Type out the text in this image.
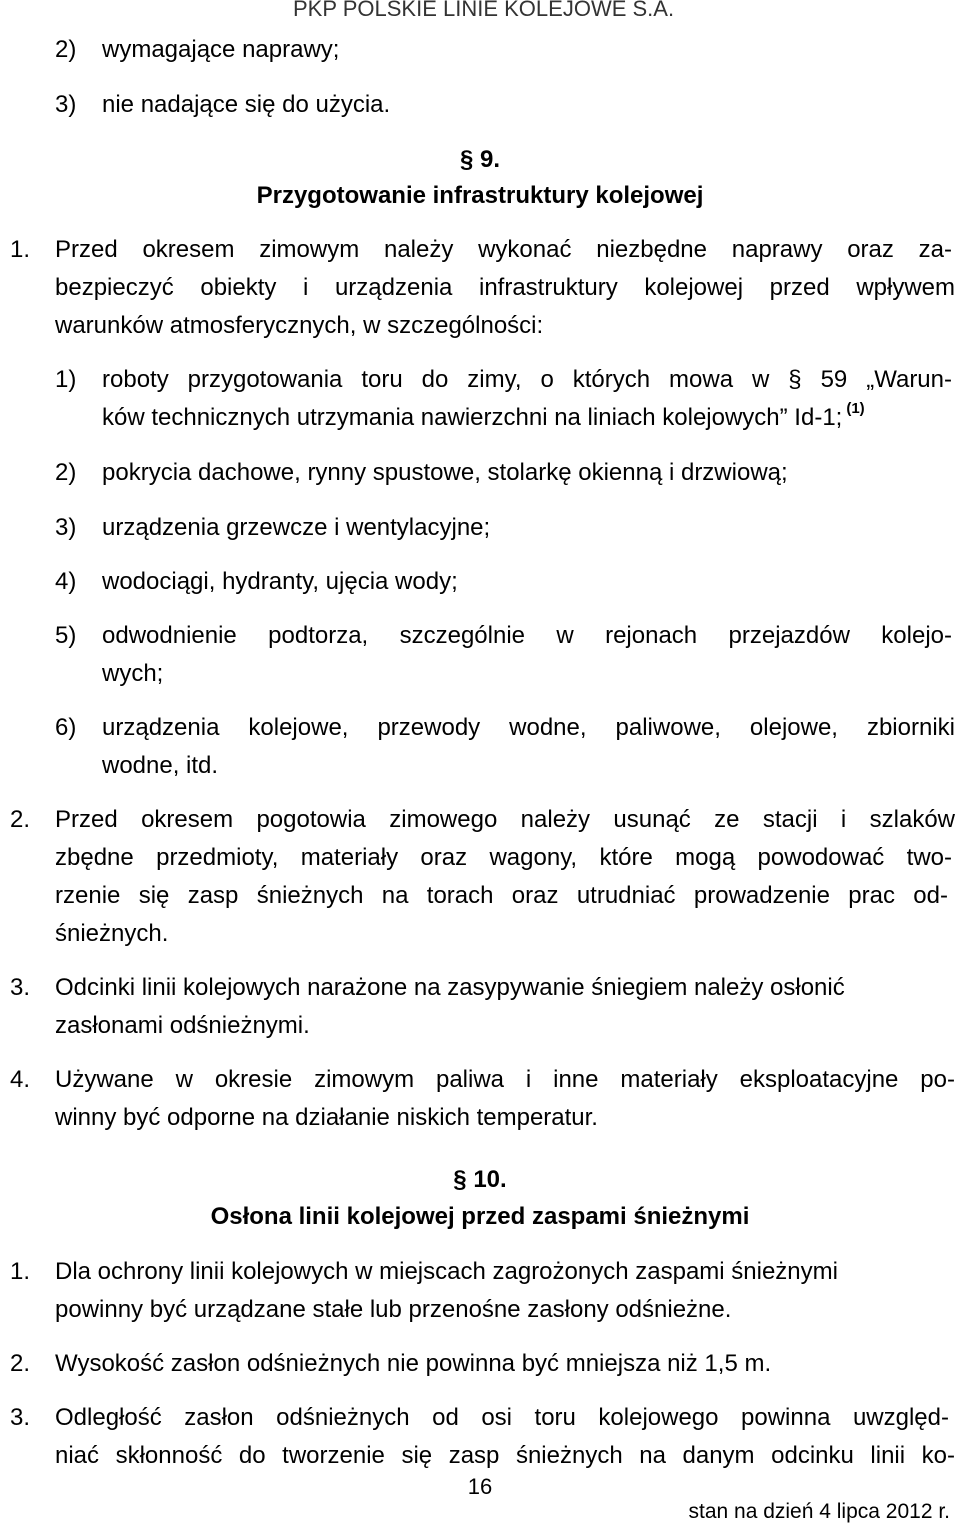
PKP POLSKIE LINIE KOLEJOWE S.A.
2) wymagające naprawy;
3) nie nadające się do użycia.
§ 9.
Przygotowanie infrastruktury kolejowej
1. Przed okresem zimowym należy wykonać niezbędne naprawy oraz za-
bezpieczyć obiekty i urządzenia infrastruktury kolejowej przed wpływem
warunków atmosferycznych, w szczególności:
1) roboty przygotowania toru do zimy, o których mowa w § 59 „Warun-
ków technicznych utrzymania nawierzchni na liniach kolejowych” Id-1; $^{(1)}$
2) pokrycia dachowe, rynny spustowe, stolarkę okienną i drzwiową;
3) urządzenia grzewcze i wentylacyjne;
4) wodociągi, hydranty, ujęcia wody;
5) odwodnienie podtorza, szczególnie w rejonach przejazdów kolejo-
wych;
6) urządzenia kolejowe, przewody wodne, paliwowe, olejowe, zbiorniki
wodne, itd.
2. Przed okresem pogotowia zimowego należy usunąć ze stacji i szlaków
zbędne przedmioty, materiały oraz wagony, które mogą powodować two-
rzenie się zasp śnieżnych na torach oraz utrudniać prowadzenie prac od-
śnieżnych.
3. Odcinki linii kolejowych narażone na zasypywanie śniegiem należy osłonić
zasłonami odśnieżnymi.
4. Używane w okresie zimowym paliwa i inne materiały eksploatacyjne po-
winny być odporne na działanie niskich temperatur.
§ 10.
Osłona linii kolejowej przed zaspami śnieżnymi
1. Dla ochrony linii kolejowych w miejscach zagrożonych zaspami śnieżnymi
powinny być urządzane stałe lub przenośne zasłony odśnieżne.
2. Wysokość zasłon odśnieżnych nie powinna być mniejsza niż 1,5 m.
3. Odległość zasłon odśnieżnych od osi toru kolejowego powinna uwzględ-
niać skłonność do tworzenie się zasp śnieżnych na danym odcinku linii ko-
16
stan na dzień 4 lipca 2012 r.
